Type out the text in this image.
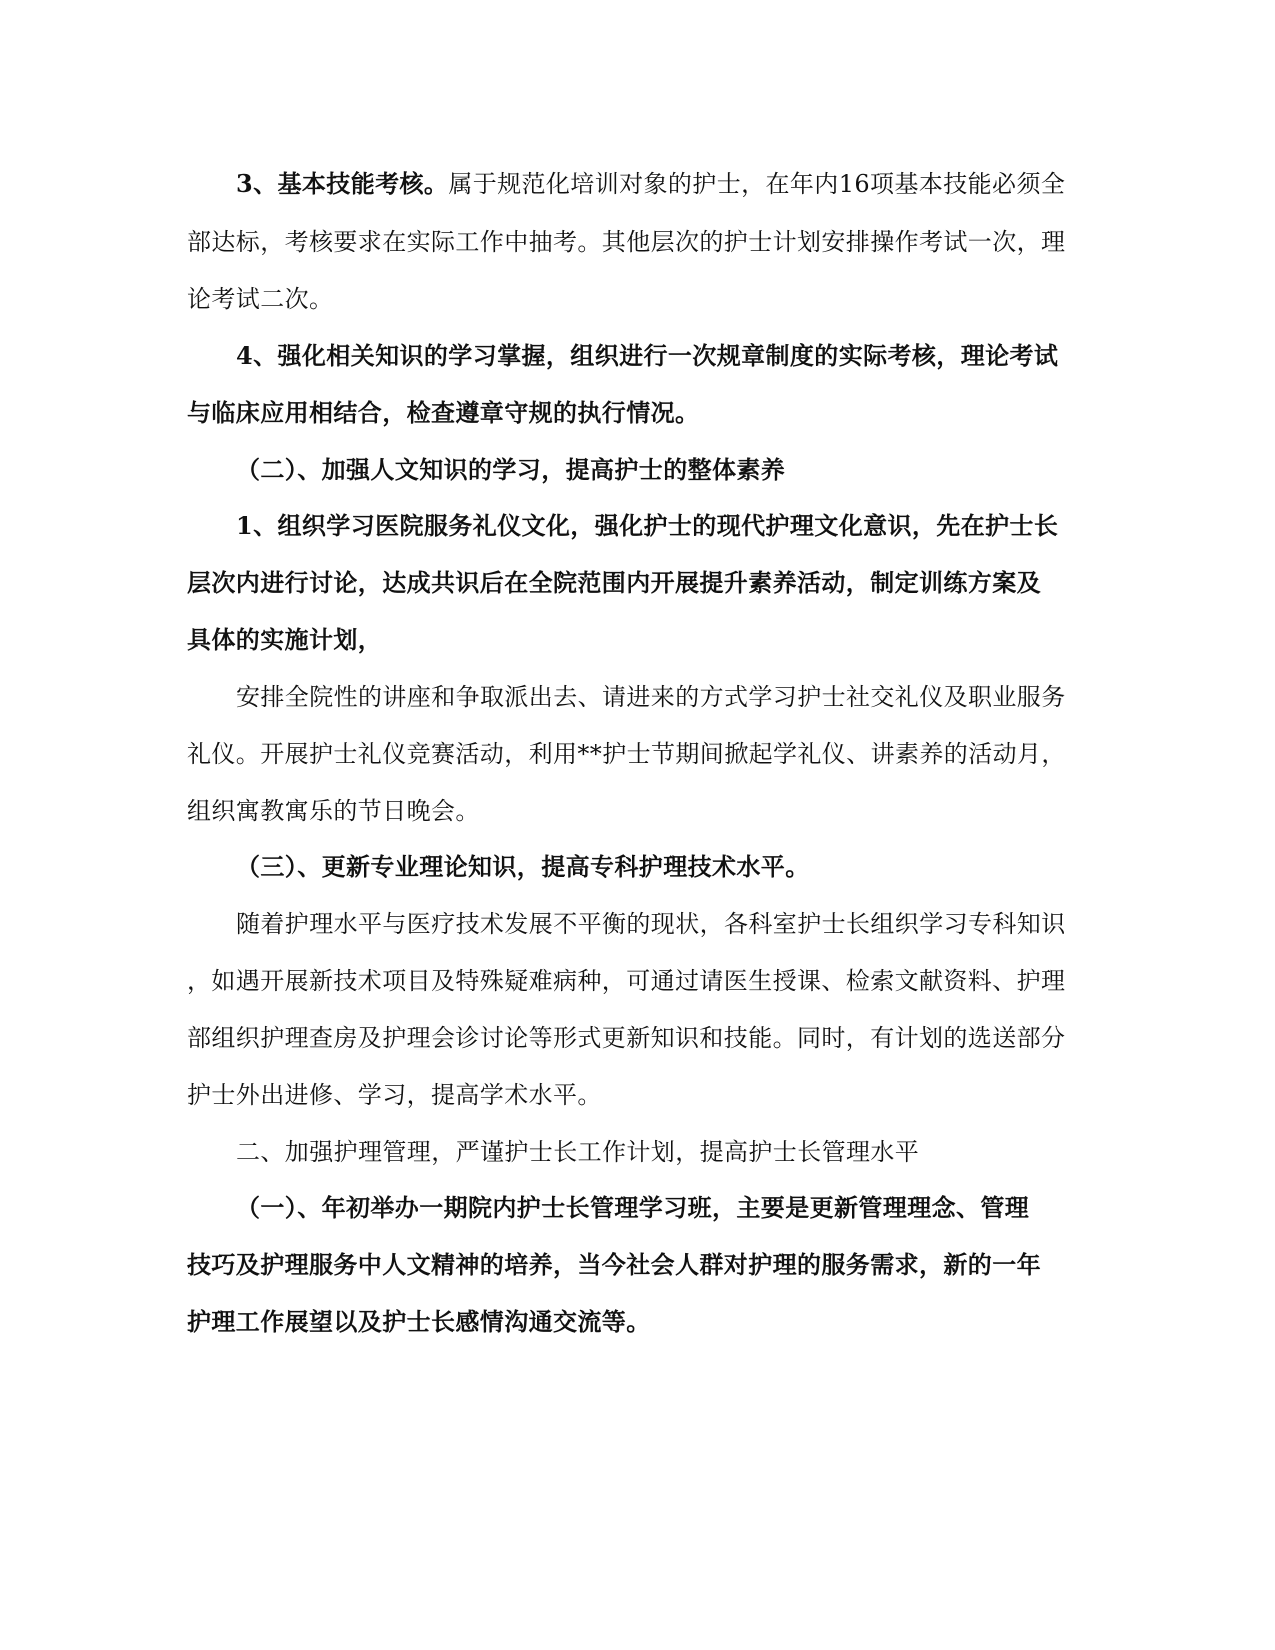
3、基本技能考核。属于规范化培训对象的护士，在年内16项基本技能必须全
部达标，考核要求在实际工作中抽考。其他层次的护士计划安排操作考试一次，理
论考试二次。
4、强化相关知识的学习掌握，组织进行一次规章制度的实际考核，理论考试
与临床应用相结合，检查遵章守规的执行情况。
（二）、加强人文知识的学习，提高护士的整体素养
1、组织学习医院服务礼仪文化，强化护士的现代护理文化意识，先在护士长
层次内进行讨论，达成共识后在全院范围内开展提升素养活动，制定训练方案及
具体的实施计划，
安排全院性的讲座和争取派出去、请进来的方式学习护士社交礼仪及职业服务
礼仪。开展护士礼仪竞赛活动，利用**护士节期间掀起学礼仪、讲素养的活动月，
组织寓教寓乐的节日晚会。
（三）、更新专业理论知识，提高专科护理技术水平。
随着护理水平与医疗技术发展不平衡的现状，各科室护士长组织学习专科知识
，如遇开展新技术项目及特殊疑难病种，可通过请医生授课、检索文献资料、护理
部组织护理查房及护理会诊讨论等形式更新知识和技能。同时，有计划的选送部分
护士外出进修、学习，提高学术水平。
二、加强护理管理，严谨护士长工作计划，提高护士长管理水平
（一）、年初举办一期院内护士长管理学习班，主要是更新管理理念、管理
技巧及护理服务中人文精神的培养，当今社会人群对护理的服务需求，新的一年
护理工作展望以及护士长感情沟通交流等。
